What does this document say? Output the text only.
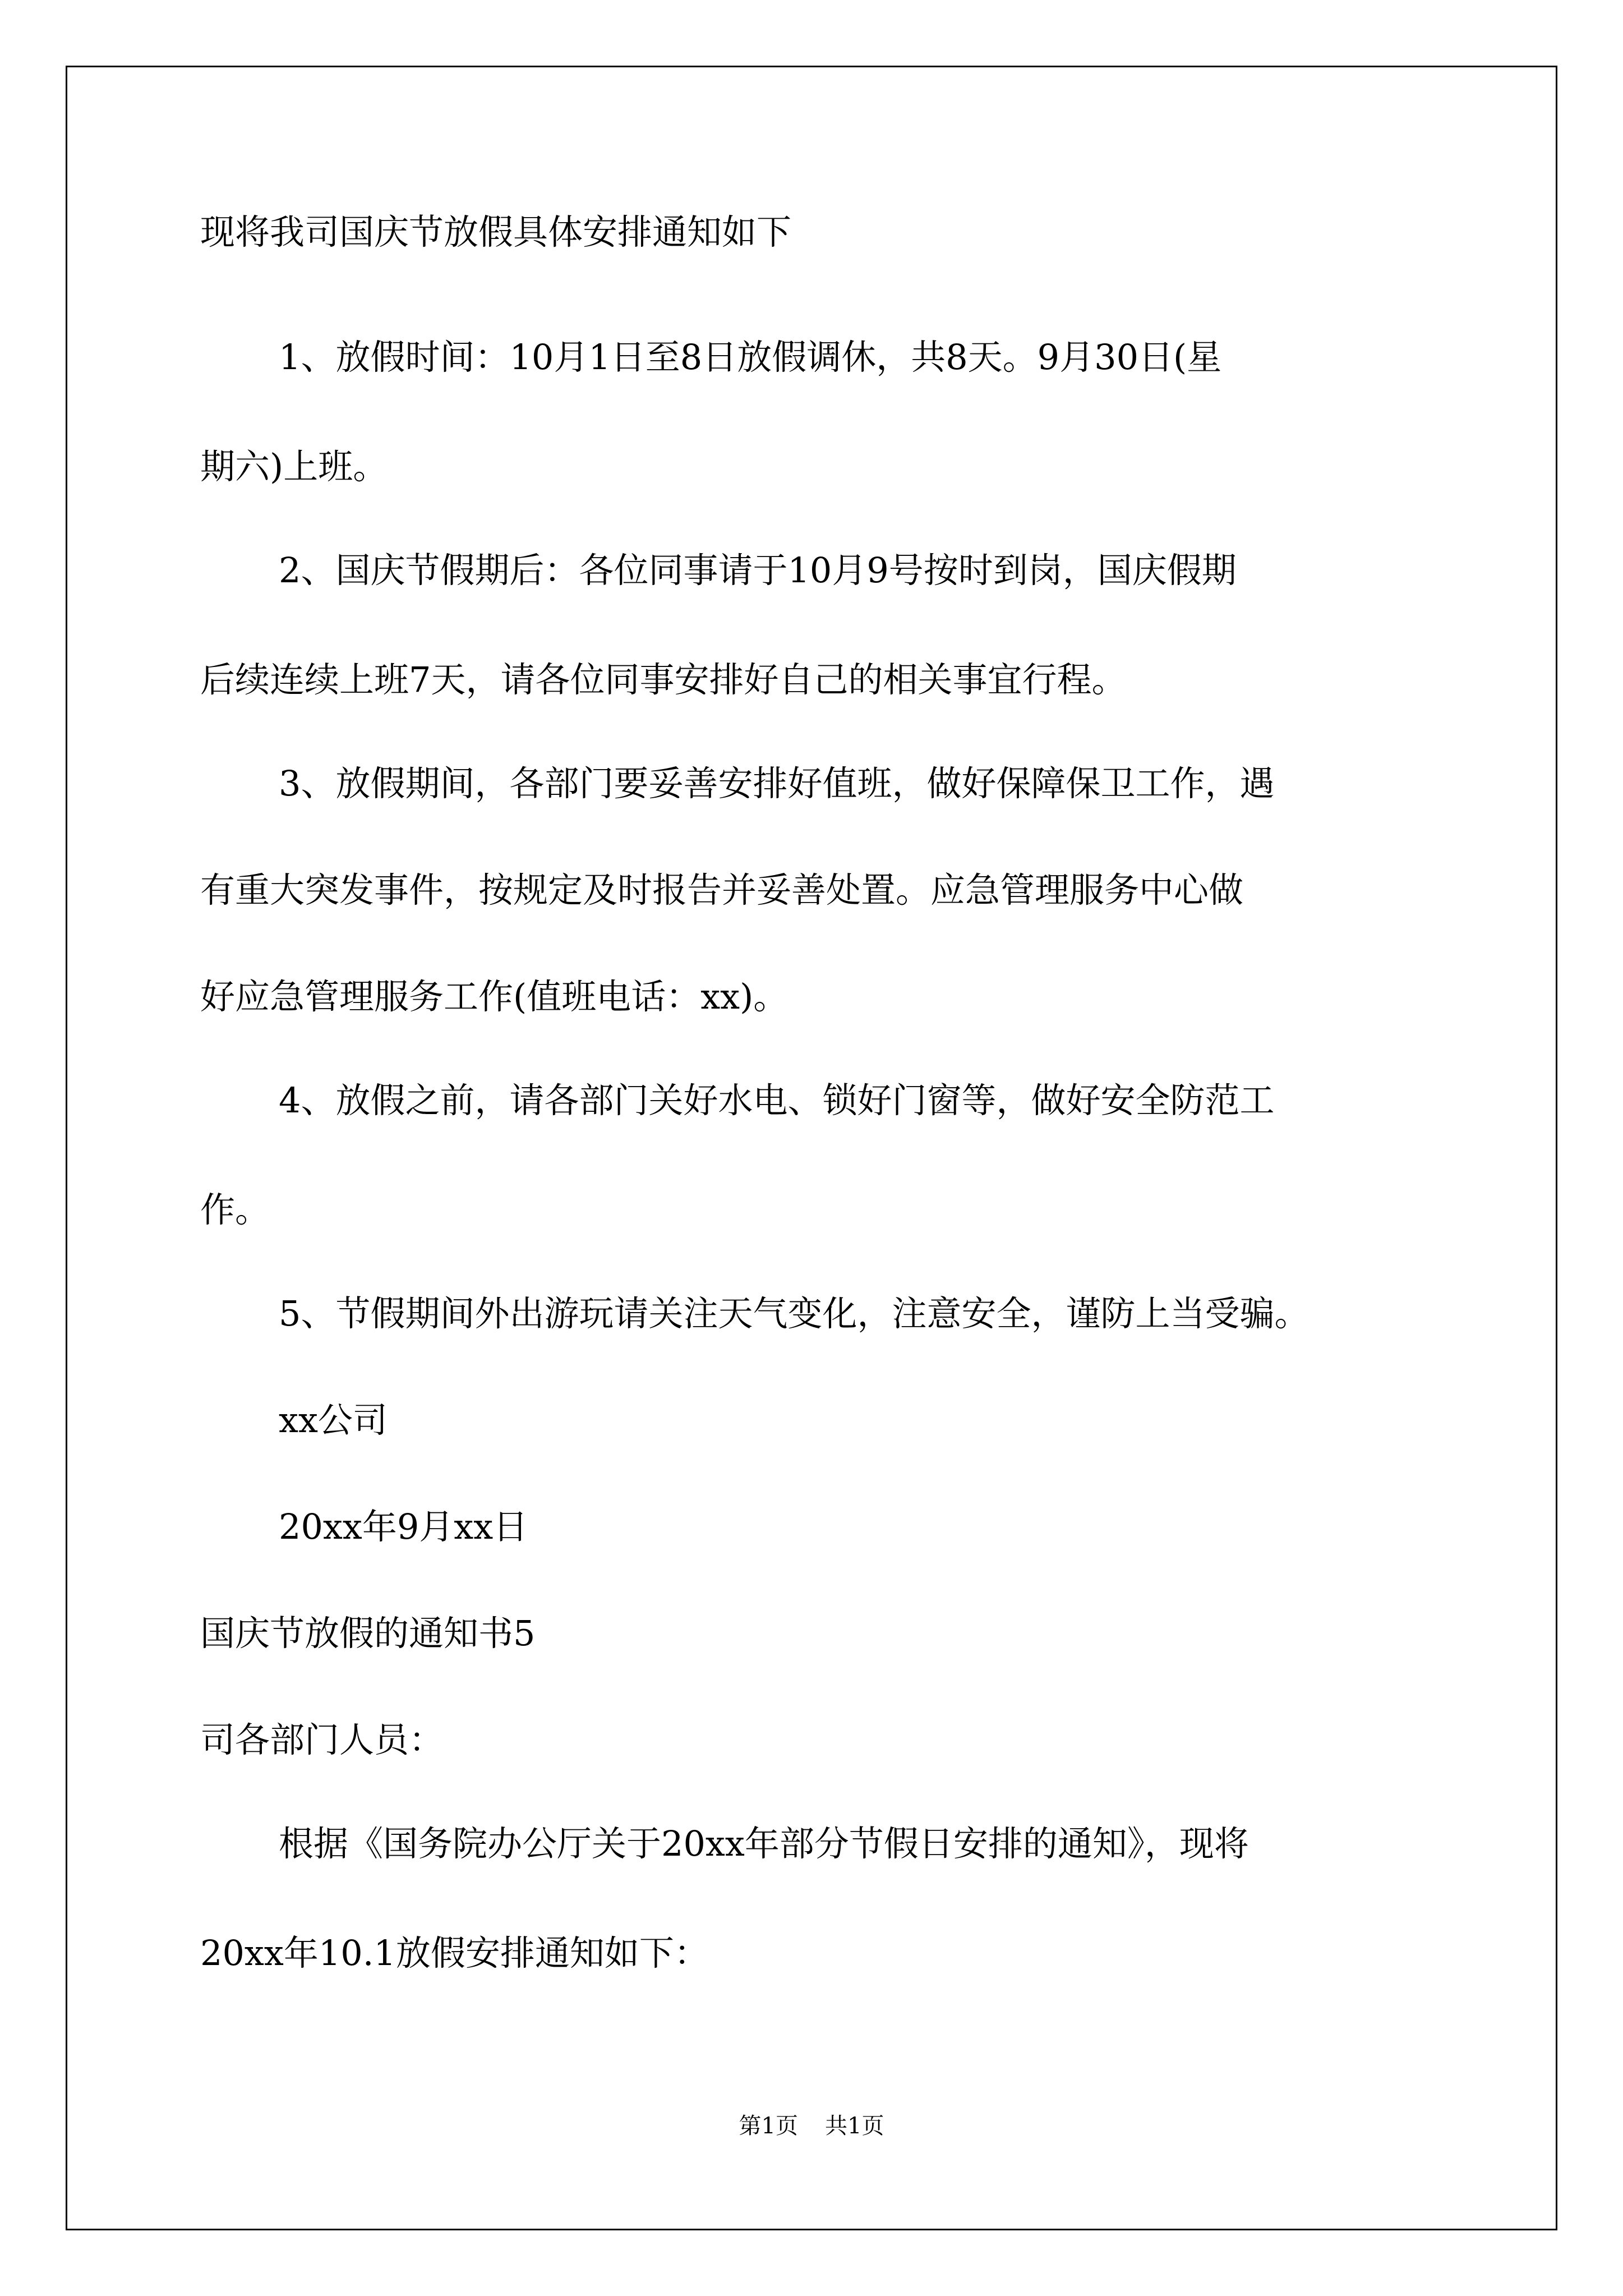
现将我司国庆节放假具体安排通知如下
1、放假时间：10月1日至8日放假调休，共8天。9月30日(星
期六)上班。
2、国庆节假期后：各位同事请于10月9号按时到岗，国庆假期
后续连续上班7天，请各位同事安排好自己的相关事宜行程。
3、放假期间，各部门要妥善安排好值班，做好保障保卫工作，遇
有重大突发事件，按规定及时报告并妥善处置。应急管理服务中心做
好应急管理服务工作(值班电话：xx)。
4、放假之前，请各部门关好水电、锁好门窗等，做好安全防范工
作。
5、节假期间外出游玩请关注天气变化，注意安全，谨防上当受骗。
xx公司
20xx年9月xx日
国庆节放假的通知书5
司各部门人员：
根据《国务院办公厅关于20xx年部分节假日安排的通知》，现将
20xx年10.1放假安排通知如下：
第1页 共1页
